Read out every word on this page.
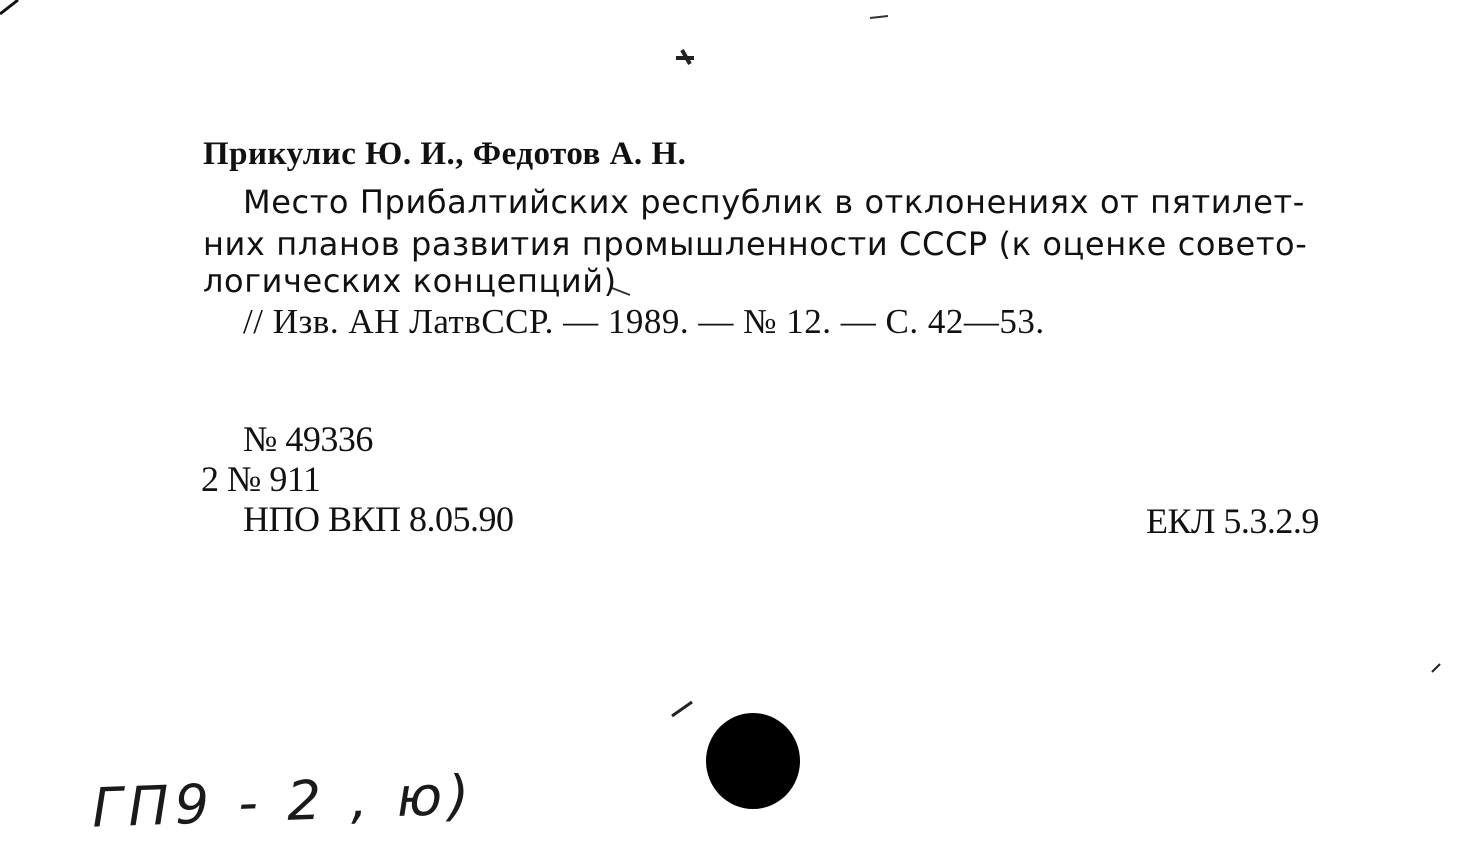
Прикулис Ю. И., Федотов А. Н.
Место Прибалтийских республик в отклонениях от пятилет-
них планов развития промышленности СССР (к оценке совето-
логических концепций)
// Изв. АН ЛатвССР. — 1989. — № 12. — С. 42—53.
№ 49336
2 № 911
НПО ВКП 8.05.90	ЕКЛ 5.3.2.9
ГП9 - 2 , ю)
